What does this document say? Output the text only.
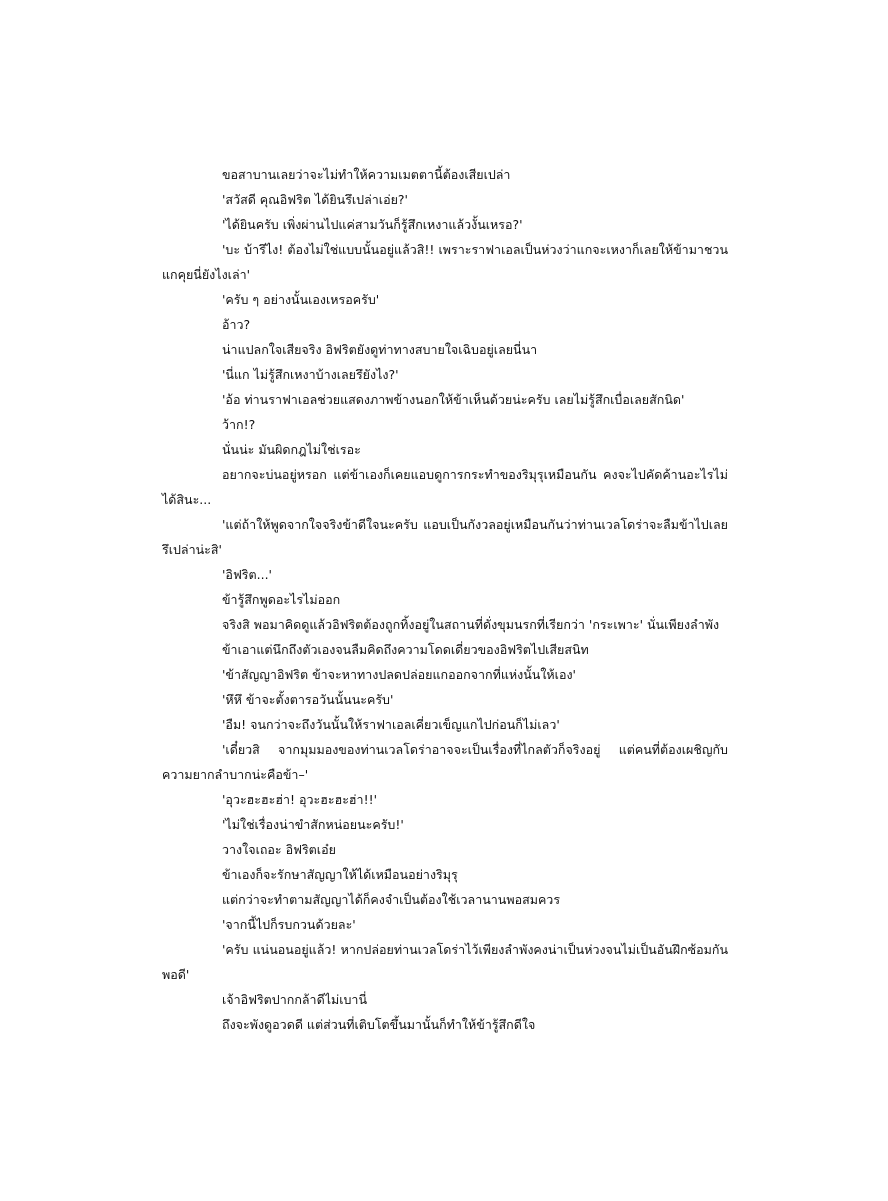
ขอสาบานเลยว่าจะไม่ทำให้ความเมตตานี้ต้องเสียเปล่า

'สวัสดี คุณอิฟริต ได้ยินรึเปล่าเอ่ย?'

'ได้ยินครับ เพิ่งผ่านไปแค่สามวันก็รู้สึกเหงาแล้วงั้นเหรอ?'

'บะ บ้ารึไง! ต้องไม่ใช่แบบนั้นอยู่แล้วสิ!! เพราะราฟาเอลเป็นห่วงว่าแกจะเหงาก็เลยให้ข้ามาชวนแกคุยนี่ยังไงเล่า'

'ครับ ๆ อย่างนั้นเองเหรอครับ'

อ้าว?

น่าแปลกใจเสียจริง อิฟริตยังดูท่าทางสบายใจเฉิบอยู่เลยนี่นา

'นี่แก ไม่รู้สึกเหงาบ้างเลยรึยังไง?'

'อ้อ ท่านราฟาเอลช่วยแสดงภาพข้างนอกให้ข้าเห็นด้วยน่ะครับ เลยไม่รู้สึกเบื่อเลยสักนิด'

ว้าก!?

นั่นน่ะ มันผิดกฎไม่ใช่เรอะ

อยากจะบ่นอยู่หรอก แต่ข้าเองก็เคยแอบดูการกระทำของริมุรุเหมือนกัน คงจะไปคัดค้านอะไรไม่ได้สินะ...

'แต่ถ้าให้พูดจากใจจริงข้าดีใจนะครับ แอบเป็นกังวลอยู่เหมือนกันว่าท่านเวลโดร่าจะลืมข้าไปเลยรึเปล่าน่ะสิ'

'อิฟริต...'

ข้ารู้สึกพูดอะไรไม่ออก

จริงสิ พอมาคิดดูแล้วอิฟริตต้องถูกทิ้งอยู่ในสถานที่ดั่งขุมนรกที่เรียกว่า 'กระเพาะ' นั่นเพียงลำพัง

ข้าเอาแต่นึกถึงตัวเองจนลืมคิดถึงความโดดเดี่ยวของอิฟริตไปเสียสนิท

'ข้าสัญญาอิฟริต ข้าจะหาทางปลดปล่อยแกออกจากที่แห่งนั้นให้เอง'

'หึหึ ข้าจะตั้งตารอวันนั้นนะครับ'

'อืม! จนกว่าจะถึงวันนั้นให้ราฟาเอลเคี่ยวเข็ญแกไปก่อนก็ไม่เลว'

'เดี๋ยวสิ จากมุมมองของท่านเวลโดร่าอาจจะเป็นเรื่องที่ไกลตัวก็จริงอยู่ แต่คนที่ต้องเผชิญกับความยากลำบากน่ะคือข้า–'

'อุวะฮะฮะฮ่า! อุวะฮะฮะฮ่า!!'

'ไม่ใช่เรื่องน่าขำสักหน่อยนะครับ!'

วางใจเถอะ อิฟริตเอ๋ย

ข้าเองก็จะรักษาสัญญาให้ได้เหมือนอย่างริมุรุ

แต่กว่าจะทำตามสัญญาได้ก็คงจำเป็นต้องใช้เวลานานพอสมควร

'จากนี้ไปก็รบกวนด้วยละ'

'ครับ แน่นอนอยู่แล้ว! หากปล่อยท่านเวลโดร่าไว้เพียงลำพังคงน่าเป็นห่วงจนไม่เป็นอันฝึกซ้อมกันพอดี'

เจ้าอิฟริตปากกล้าดีไม่เบานี่

ถึงจะพังดูอวดดี แต่ส่วนที่เติบโตขึ้นมานั้นก็ทำให้ข้ารู้สึกดีใจ
